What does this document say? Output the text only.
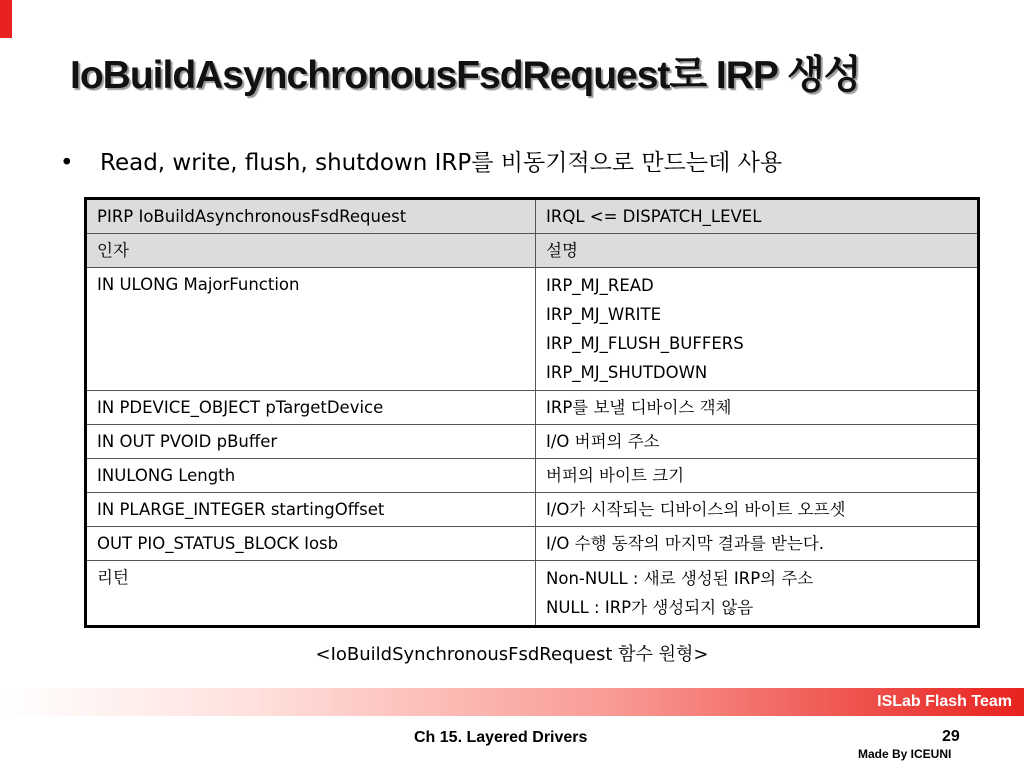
IoBuildAsynchronousFsdRequest로 IRP 생성
• Read, write, flush, shutdown IRP를 비동기적으로 만드는데 사용
PIRP IoBuildAsynchronousFsdRequest	IRQL <= DISPATCH_LEVEL
인자	설명
IN ULONG MajorFunction	IRP_MJ_READ
IRP_MJ_WRITE
IRP_MJ_FLUSH_BUFFERS
IRP_MJ_SHUTDOWN

IN PDEVICE_OBJECT pTargetDevice	IRP를 보낼 디바이스 객체
IN OUT PVOID pBuffer	I/O 버퍼의 주소
INULONG Length	버퍼의 바이트 크기
IN PLARGE_INTEGER startingOffset	I/O가 시작되는 디바이스의 바이트 오프셋
OUT PIO_STATUS_BLOCK Iosb	I/O 수행 동작의 마지막 결과를 받는다.
리턴	Non-NULL : 새로 생성된 IRP의 주소
NULL : IRP가 생성되지 않음
<IoBuildSynchronousFsdRequest 함수 원형>
ISLab Flash Team
Ch 15. Layered Drivers	29
Made By ICEUNI
